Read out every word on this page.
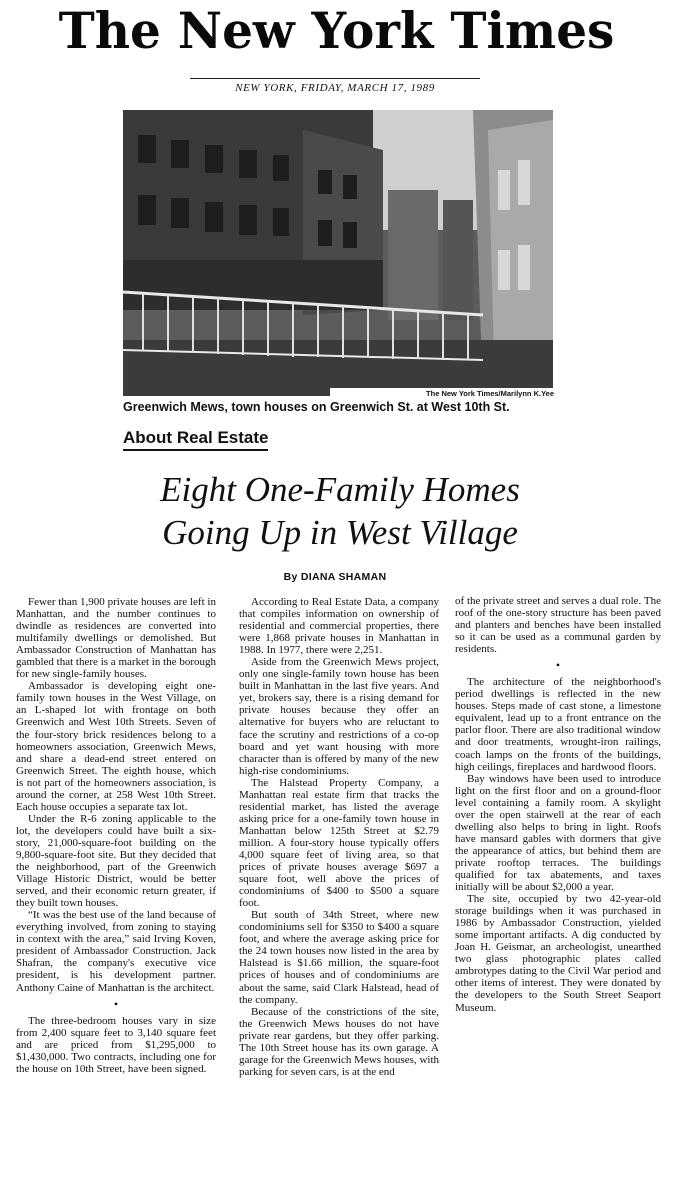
The New York Times
NEW YORK, FRIDAY, MARCH 17, 1989
The New York Times/Marilynn K.Yee
Greenwich Mews, town houses on Greenwich St. at West 10th St.
About Real Estate
Eight One-Family Homes
Going Up in West Village
By DIANA SHAMAN

Fewer than 1,900 private houses are left in Manhattan, and the number continues to dwindle as residences are converted into multifamily dwellings or demolished. But Ambassador Construction of Manhattan has gambled that there is a market in the borough for new single-family houses.

Ambassador is developing eight one-family town houses in the West Village, on an L-shaped lot with frontage on both Greenwich and West 10th Streets. Seven of the four-story brick residences belong to a homeowners association, Greenwich Mews, and share a dead-end street entered on Greenwich Street. The eighth house, which is not part of the homeowners association, is around the corner, at 258 West 10th Street. Each house occupies a separate tax lot.

Under the R-6 zoning applicable to the lot, the developers could have built a six-story, 21,000-square-foot building on the 9,800-square-foot site. But they decided that the neighborhood, part of the Greenwich Village Historic District, would be better served, and their economic return greater, if they built town houses.

“It was the best use of the land because of everything involved, from zoning to staying in context with the area,” said Irving Koven, president of Ambassador Construction. Jack Shafran, the company's executive vice president, is his development partner. Anthony Caine of Manhattan is the architect.

•

The three-bedroom houses vary in size from 2,400 square feet to 3,140 square feet and are priced from $1,295,000 to $1,430,000. Two contracts, including one for the house on 10th Street, have been signed.

According to Real Estate Data, a company that compiles information on ownership of residential and commercial properties, there were 1,868 private houses in Manhattan in 1988. In 1977, there were 2,251.

Aside from the Greenwich Mews project, only one single-family town house has been built in Manhattan in the last five years. And yet, brokers say, there is a rising demand for private houses because they offer an alternative for buyers who are reluctant to face the scrutiny and restrictions of a co-op board and yet want housing with more character than is offered by many of the new high-rise condominiums.

The Halstead Property Company, a Manhattan real estate firm that tracks the residential market, has listed the average asking price for a one-family town house in Manhattan below 125th Street at $2.79 million. A four-story house typically offers 4,000 square feet of living area, so that prices of private houses average $697 a square foot, well above the prices of condominiums of $400 to $500 a square foot.

But south of 34th Street, where new condominiums sell for $350 to $400 a square foot, and where the average asking price for the 24 town houses now listed in the area by Halstead is $1.66 million, the square-foot prices of houses and of condominiums are about the same, said Clark Halstead, head of the company.

Because of the constrictions of the site, the Greenwich Mews houses do not have private rear gardens, but they offer parking. The 10th Street house has its own garage. A garage for the Greenwich Mews houses, with parking for seven cars, is at the end

of the private street and serves a dual role. The roof of the one-story structure has been paved and planters and benches have been installed so it can be used as a communal garden by residents.

•

The architecture of the neighborhood's period dwellings is reflected in the new houses. Steps made of cast stone, a limestone equivalent, lead up to a front entrance on the parlor floor. There are also traditional window and door treatments, wrought-iron railings, coach lamps on the fronts of the buildings, high ceilings, fireplaces and hardwood floors.

Bay windows have been used to introduce light on the first floor and on a ground-floor level containing a family room. A skylight over the open stairwell at the rear of each dwelling also helps to bring in light. Roofs have mansard gables with dormers that give the appearance of attics, but behind them are private rooftop terraces. The buildings qualified for tax abatements, and taxes initially will be about $2,000 a year.

The site, occupied by two 42-year-old storage buildings when it was purchased in 1986 by Ambassador Construction, yielded some important artifacts. A dig conducted by Joan H. Geismar, an archeologist, unearthed two glass photographic plates called ambrotypes dating to the Civil War period and other items of interest. They were donated by the developers to the South Street Seaport Museum.
